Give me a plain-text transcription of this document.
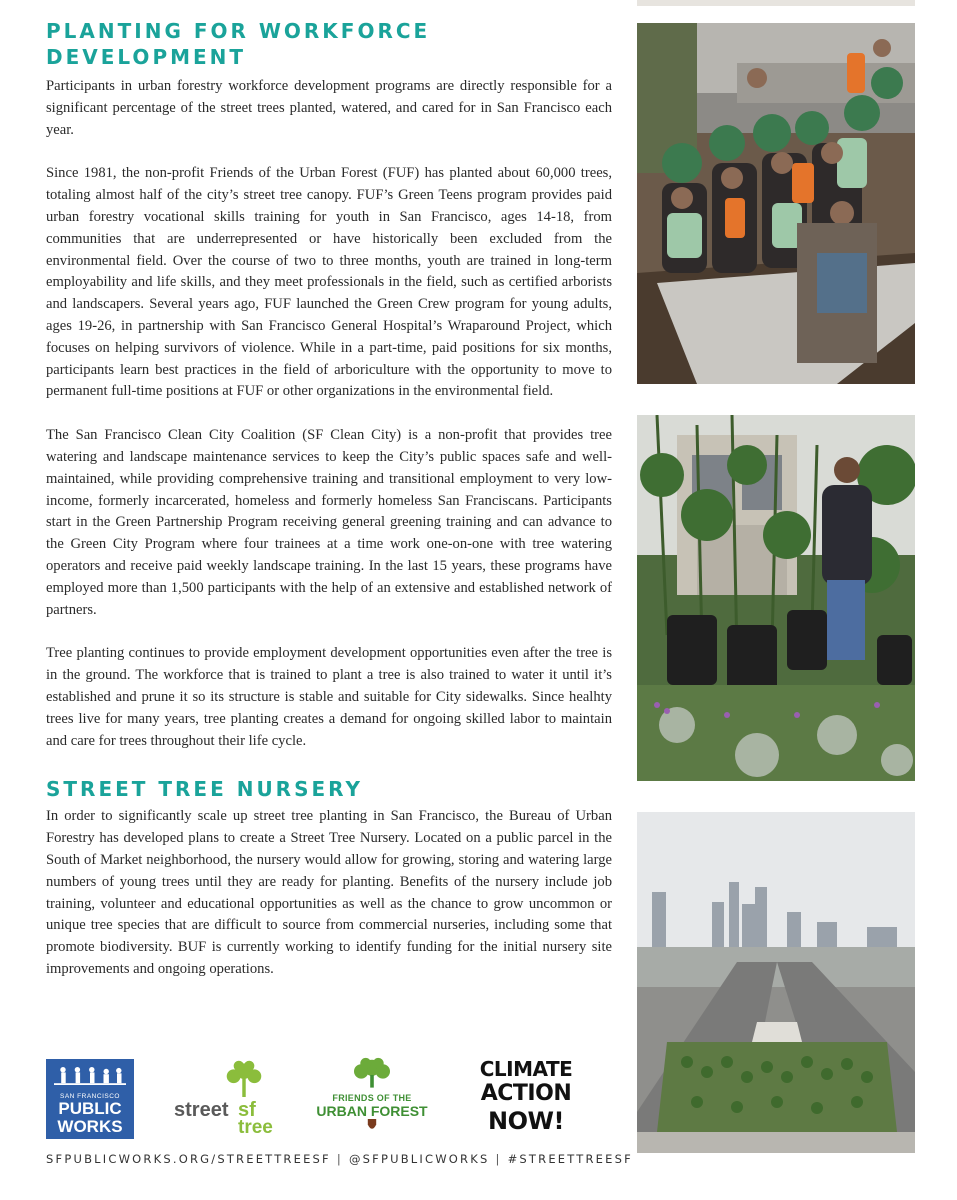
PLANTING FOR WORKFORCE DEVELOPMENT

Participants in urban forestry workforce development programs are directly responsible for a significant percentage of the street trees planted, watered, and cared for in San Francisco each year.

Since 1981, the non-profit Friends of the Urban Forest (FUF) has planted about 60,000 trees, totaling almost half of the city’s street tree canopy. FUF’s Green Teens program provides paid urban forestry vocational skills training for youth in San Francisco, ages 14-18, from communities that are underrepresented or have historically been excluded from the environmental field. Over the course of two to three months, youth are trained in long-term employability and life skills, and they meet professionals in the field, such as certified arborists and landscapers. Several years ago, FUF launched the Green Crew program for young adults, ages 19-26, in partnership with San Francisco General Hospital’s Wraparound Project, which focuses on helping survivors of violence. While in a part-time, paid positions for six months, participants learn best practices in the field of arboriculture with the opportunity to move to permanent full-time positions at FUF or other organizations in the environmental field.

The San Francisco Clean City Coalition (SF Clean City) is a non-profit that provides tree watering and landscape maintenance services to keep the City’s public spaces safe and well-maintained, while providing comprehensive training and transitional employment to very low-income, formerly incarcerated, homeless and formerly homeless San Franciscans. Participants start in the Green Partnership Program receiving general greening training and can advance to the Green City Program where four trainees at a time work one-on-one with tree watering operators and receive paid weekly landscape training. In the last 15 years, these programs have employed more than 1,500 participants with the help of an extensive and established network of partners.

Tree planting continues to provide employment development opportunities even after the tree is in the ground. The workforce that is trained to plant a tree is also trained to water it until it’s established and prune it so its structure is stable and suitable for City sidewalks. Since healhty trees live for many years, tree planting creates a demand for ongoing skilled labor to maintain and care for trees throughout their life cycle.

STREET TREE NURSERY

In order to significantly scale up street tree planting in San Francisco, the Bureau of Urban Forestry has developed plans to create a Street Tree Nursery. Located on a public parcel in the South of Market neighborhood, the nursery would allow for growing, storing and watering large numbers of young trees until they are ready for planting. Benefits of the nursery include job training, volunteer and educational opportunities as well as the chance to grow uncommon or unique tree species that are difficult to source from commercial nurseries, including some that promote biodiversity. BUF is currently working to identify funding for the initial nursery site improvements and ongoing operations.

SAN FRANCISCO
PUBLIC
WORKS
street sf
tree
FRIENDS OF THE
URBAN FOREST
CLIMATE
ACTION
NOW!
SFPUBLICWORKS.ORG/STREETTREESF | @SFPUBLICWORKS | #STREETTREESF
